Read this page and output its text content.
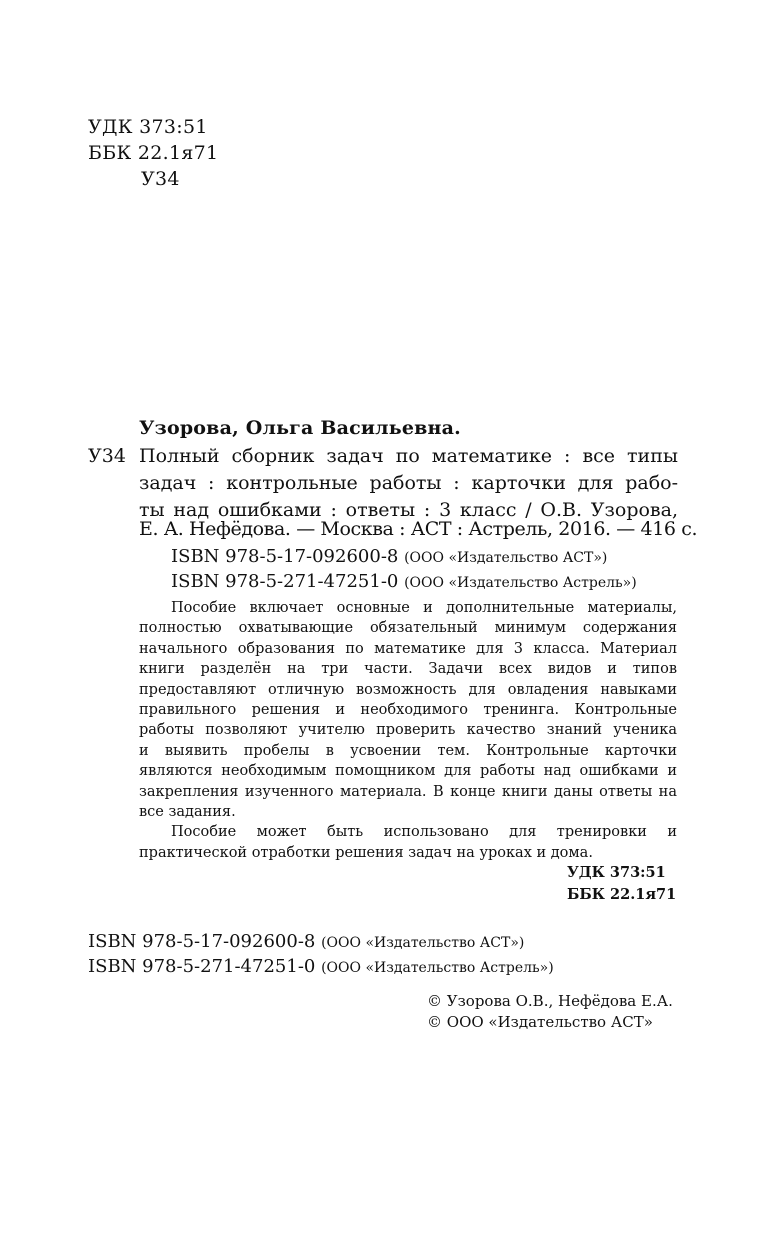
УДК 373:51
ББК 22.1я71
У34
Узорова, Ольга Васильевна.
У34 Полный сборник задач по математике : все типы
задач : контрольные работы : карточки для рабо-
ты над ошибками : ответы : 3 класс / О.В. Узорова,
Е. А. Нефёдова. — Москва : АСТ : Астрель, 2016. — 416 с.
ISBN 978-5-17-092600-8 (ООО «Издательство АСТ»)
ISBN 978-5-271-47251-0 (ООО «Издательство Астрель»)
Пособие включает основные и дополнительные материалы,
полностью охватывающие обязательный минимум содержания
начального образования по математике для 3 класса. Материал
книги разделён на три части. Задачи всех видов и типов
предоставляют отличную возможность для овладения навыками
правильного решения и необходимого тренинга. Контрольные
работы позволяют учителю проверить качество знаний ученика
и выявить пробелы в усвоении тем. Контрольные карточки
являются необходимым помощником для работы над ошибками и
закрепления изученного материала. В конце книги даны ответы на
все задания.
Пособие может быть использовано для тренировки и
практической отработки решения задач на уроках и дома.
УДК 373:51
ББК 22.1я71
ISBN 978-5-17-092600-8 (ООО «Издательство АСТ»)
ISBN 978-5-271-47251-0 (ООО «Издательство Астрель»)
© Узорова О.В., Нефёдова Е.А.
© ООО «Издательство АСТ»
